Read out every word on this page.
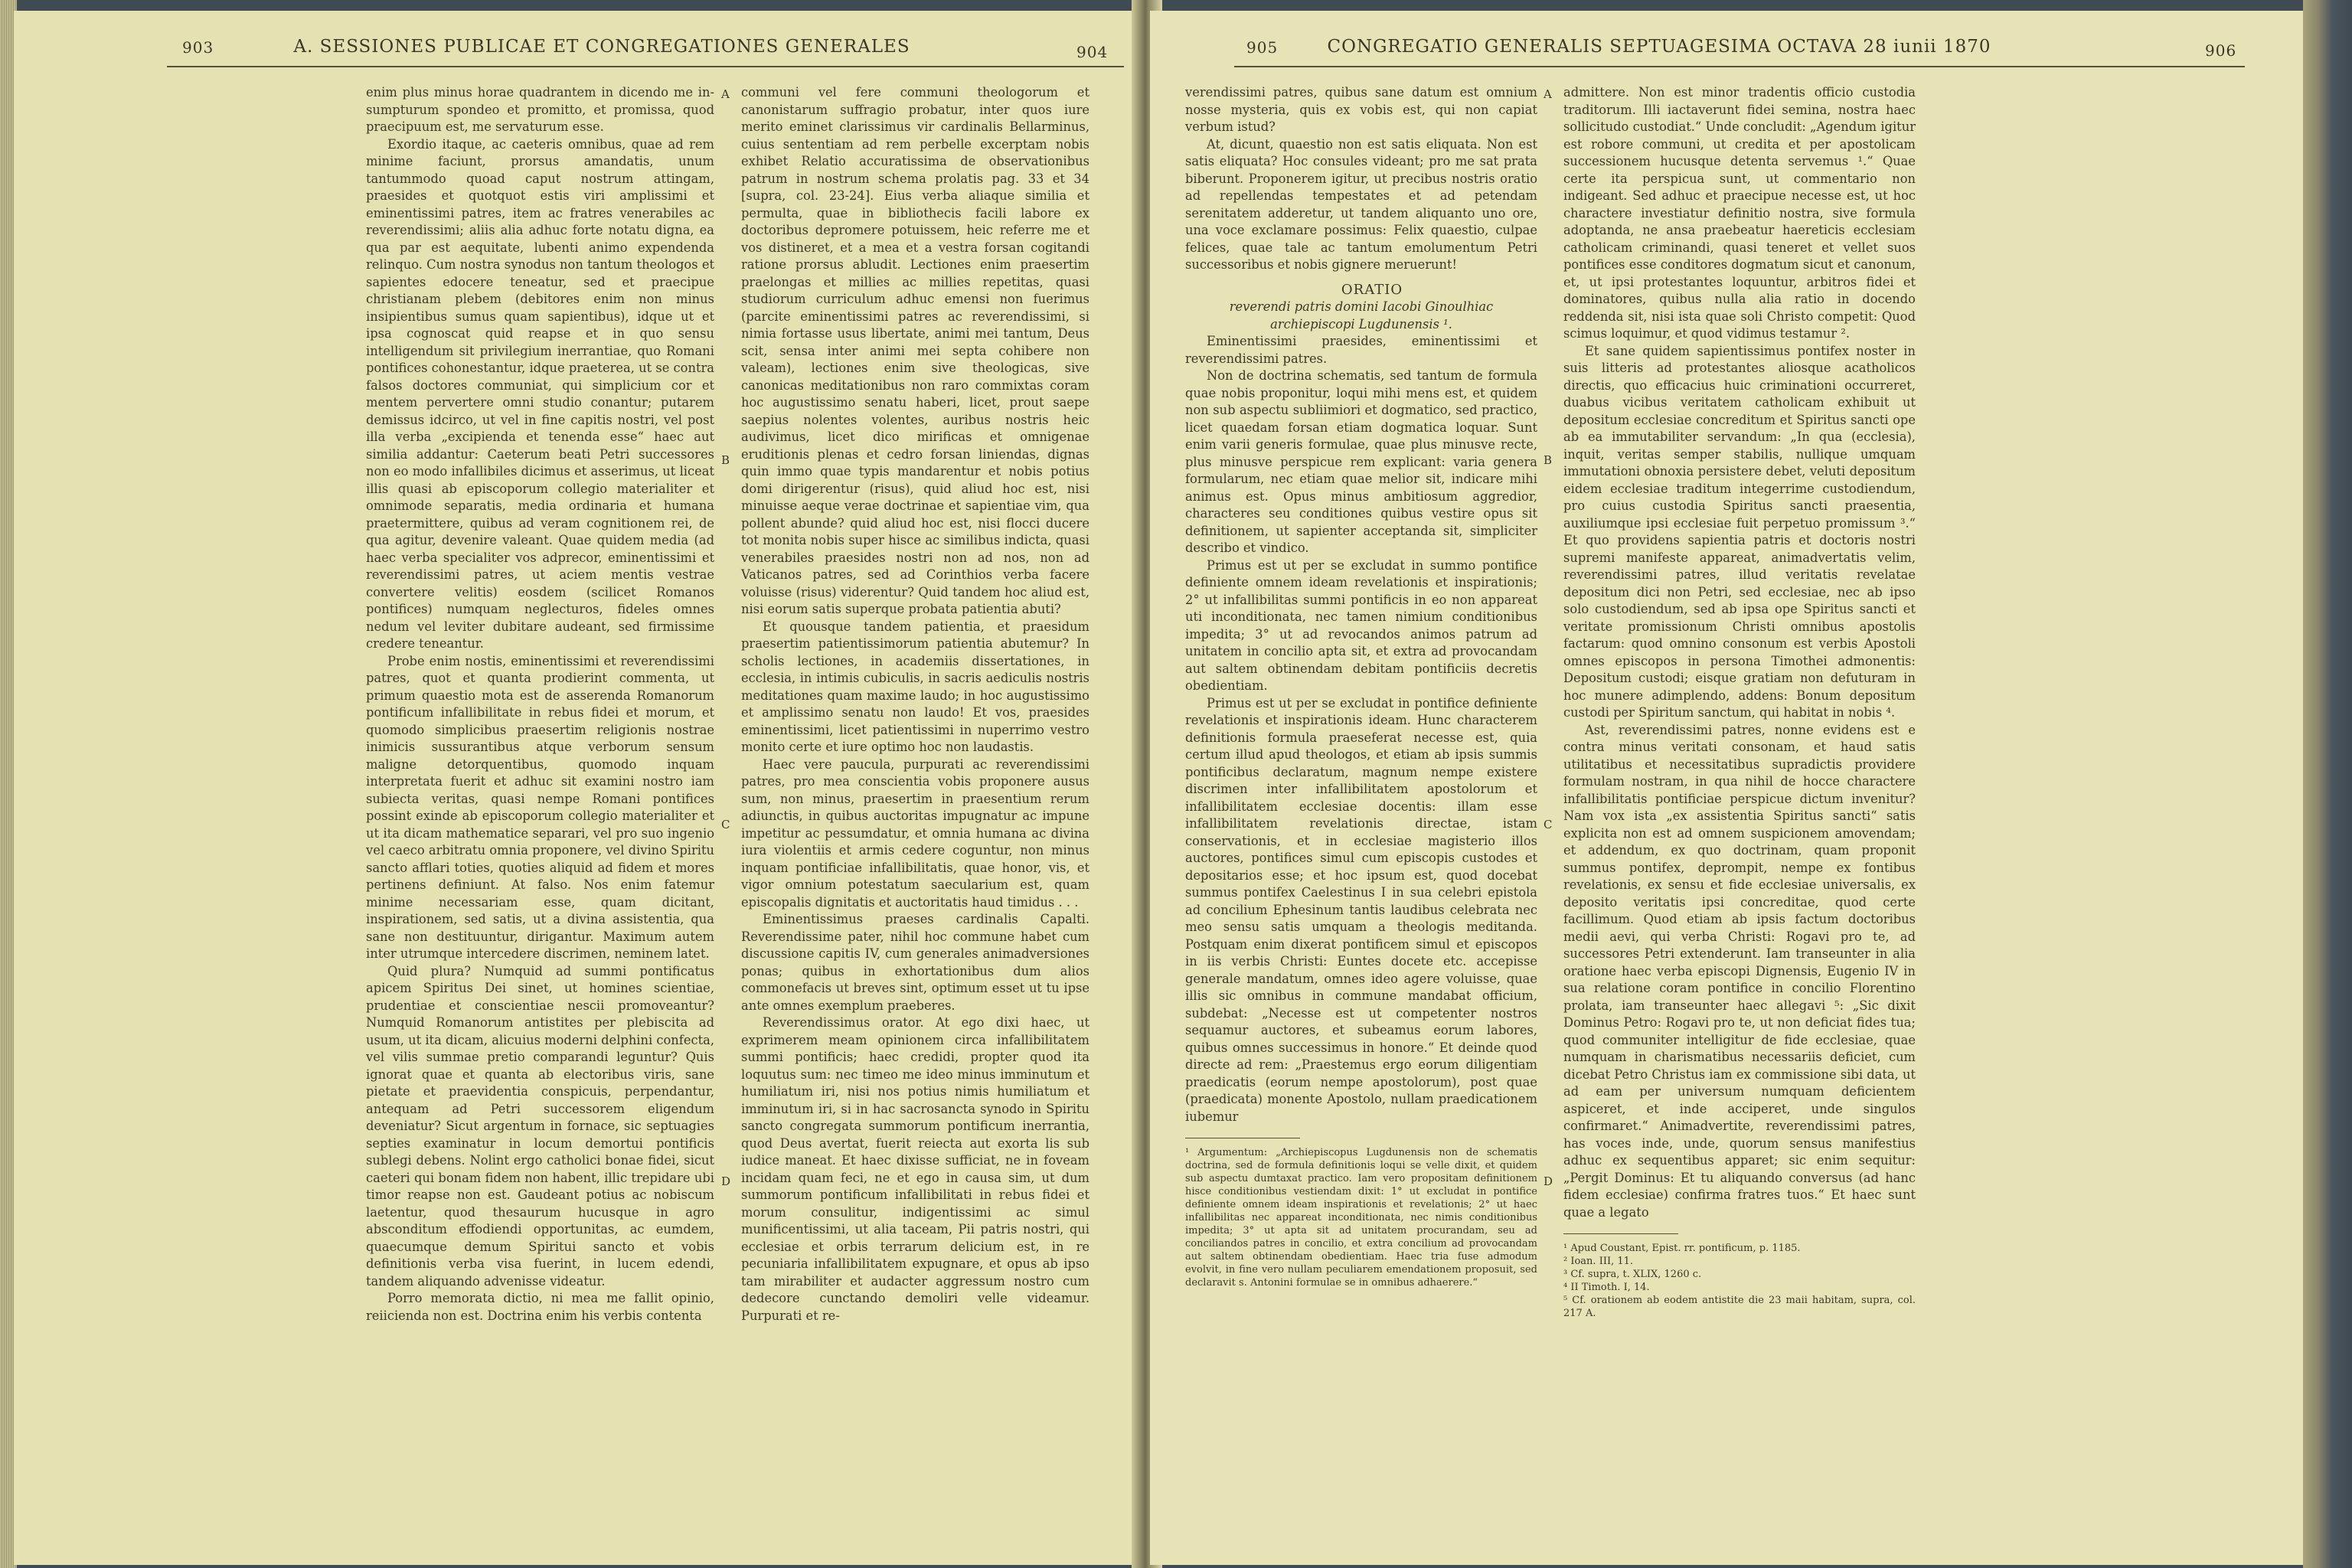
903	A. SESSIONES PUBLICAE ET CONGREGATIONES GENERALES	904

enim plus minus horae quadrantem in dicendo me in-sumpturum spondeo et promitto, et promissa, quod praecipuum est, me servaturum esse.

Exordio itaque, ac caeteris omnibus, quae ad rem minime faciunt, prorsus amandatis, unum tantummodo quoad caput nostrum attingam, praesides et quotquot estis viri amplissimi et eminentissimi patres, item ac fratres venerabiles ac reverendissimi; aliis alia adhuc forte notatu digna, ea qua par est aequitate, lubenti animo expendenda relinquo. Cum nostra synodus non tantum theologos et sapientes edocere teneatur, sed et praecipue christianam plebem (debitores enim non minus insipientibus sumus quam sapientibus), idque ut et ipsa cognoscat quid reapse et in quo sensu intelligendum sit privilegium inerrantiae, quo Romani pontifices cohonestantur, idque praeterea, ut se contra falsos doctores communiat, qui simplicium cor et mentem pervertere omni studio conantur; putarem demissus idcirco, ut vel in fine capitis nostri, vel post illa verba „excipienda et tenenda esse“ haec aut similia addantur: Caeterum beati Petri successores non eo modo infallibiles dicimus et asserimus, ut liceat illis quasi ab episcoporum collegio materialiter et omnimode separatis, media ordinaria et humana praetermittere, quibus ad veram cognitionem rei, de qua agitur, devenire valeant. Quae quidem media (ad haec verba specialiter vos adprecor, eminentissimi et reverendissimi patres, ut aciem mentis vestrae convertere velitis) eosdem (scilicet Romanos pontifices) numquam neglecturos, fideles omnes nedum vel leviter dubitare audeant, sed firmissime credere teneantur.

Probe enim nostis, eminentissimi et reverendissimi patres, quot et quanta prodierint commenta, ut primum quaestio mota est de asserenda Romanorum pontificum infallibilitate in rebus fidei et morum, et quomodo simplicibus praesertim religionis nostrae inimicis sussurantibus atque verborum sensum maligne detorquentibus, quomodo inquam interpretata fuerit et adhuc sit examini nostro iam subiecta veritas, quasi nempe Romani pontifices possint exinde ab episcoporum collegio materialiter et ut ita dicam mathematice separari, vel pro suo ingenio vel caeco arbitratu omnia proponere, vel divino Spiritu sancto afflari toties, quoties aliquid ad fidem et mores pertinens definiunt. At falso. Nos enim fatemur minime necessariam esse, quam dicitant, inspirationem, sed satis, ut a divina assistentia, qua sane non destituuntur, dirigantur. Maximum autem inter utrumque intercedere discrimen, neminem latet.

Quid plura? Numquid ad summi pontificatus apicem Spiritus Dei sinet, ut homines scientiae, prudentiae et conscientiae nescii promoveantur? Numquid Romanorum antistites per plebiscita ad usum, ut ita dicam, alicuius moderni delphini confecta, vel vilis summae pretio comparandi leguntur? Quis ignorat quae et quanta ab electoribus viris, sane pietate et praevidentia conspicuis, perpendantur, antequam ad Petri successorem eligendum deveniatur? Sicut argentum in fornace, sic septuagies septies examinatur in locum demortui pontificis sublegi debens. Nolint ergo catholici bonae fidei, sicut caeteri qui bonam fidem non habent, illic trepidare ubi timor reapse non est. Gaudeant potius ac nobiscum laetentur, quod thesaurum hucusque in agro absconditum effodiendi opportunitas, ac eumdem, quaecumque demum Spiritui sancto et vobis definitionis verba visa fuerint, in lucem edendi, tandem aliquando advenisse videatur.

Porro memorata dictio, ni mea me fallit opinio, reiicienda non est. Doctrina enim his verbis contenta

communi vel fere communi theologorum et canonistarum suffragio probatur, inter quos iure merito eminet clarissimus vir cardinalis Bellarminus, cuius sententiam ad rem perbelle excerptam nobis exhibet Relatio accuratissima de observationibus patrum in nostrum schema prolatis pag. 33 et 34 [supra, col. 23-24]. Eius verba aliaque similia et permulta, quae in bibliothecis facili labore ex doctoribus depromere potuissem, heic referre me et vos distineret, et a mea et a vestra forsan cogitandi ratione prorsus abludit. Lectiones enim praesertim praelongas et millies ac millies repetitas, quasi studiorum curriculum adhuc emensi non fuerimus (parcite eminentissimi patres ac reverendissimi, si nimia fortasse usus libertate, animi mei tantum, Deus scit, sensa inter animi mei septa cohibere non valeam), lectiones enim sive theologicas, sive canonicas meditationibus non raro commixtas coram hoc augustissimo senatu haberi, licet, prout saepe saepius nolentes volentes, auribus nostris heic audivimus, licet dico mirificas et omnigenae eruditionis plenas et cedro forsan liniendas, dignas quin immo quae typis mandarentur et nobis potius domi dirigerentur (risus), quid aliud hoc est, nisi minuisse aeque verae doctrinae et sapientiae vim, qua pollent abunde? quid aliud hoc est, nisi flocci ducere tot monita nobis super hisce ac similibus indicta, quasi venerabiles praesides nostri non ad nos, non ad Vaticanos patres, sed ad Corinthios verba facere voluisse (risus) viderentur? Quid tandem hoc aliud est, nisi eorum satis superque probata patientia abuti?

Et quousque tandem patientia, et praesidum praesertim patientissimorum patientia abutemur? In scholis lectiones, in academiis dissertationes, in ecclesia, in intimis cubiculis, in sacris aediculis nostris meditationes quam maxime laudo; in hoc augustissimo et amplissimo senatu non laudo! Et vos, praesides eminentissimi, licet patientissimi in nuperrimo vestro monito certe et iure optimo hoc non laudastis.

Haec vere paucula, purpurati ac reverendissimi patres, pro mea conscientia vobis proponere ausus sum, non minus, praesertim in praesentium rerum adiunctis, in quibus auctoritas impugnatur ac impune impetitur ac pessumdatur, et omnia humana ac divina iura violentiis et armis cedere coguntur, non minus inquam pontificiae infallibilitatis, quae honor, vis, et vigor omnium potestatum saecularium est, quam episcopalis dignitatis et auctoritatis haud timidus . . .

Eminentissimus praeses cardinalis Capalti. Reverendissime pater, nihil hoc commune habet cum discussione capitis IV, cum generales animadversiones ponas; quibus in exhortationibus dum alios commonefacis ut breves sint, optimum esset ut tu ipse ante omnes exemplum praeberes.

Reverendissimus orator. At ego dixi haec, ut exprimerem meam opinionem circa infallibilitatem summi pontificis; haec credidi, propter quod ita loquutus sum: nec timeo me ideo minus imminutum et humiliatum iri, nisi nos potius nimis humiliatum et imminutum iri, si in hac sacrosancta synodo in Spiritu sancto congregata summorum pontificum inerrantia, quod Deus avertat, fuerit reiecta aut exorta lis sub iudice maneat. Et haec dixisse sufficiat, ne in foveam incidam quam feci, ne et ego in causa sim, ut dum summorum pontificum infallibilitati in rebus fidei et morum consulitur, indigentissimi ac simul munificentissimi, ut alia taceam, Pii patris nostri, qui ecclesiae et orbis terrarum delicium est, in re pecuniaria infallibilitatem expugnare, et opus ab ipso tam mirabiliter et audacter aggressum nostro cum dedecore cunctando demoliri velle videamur. Purpurati et re-

A
B
C
D
905	CONGREGATIO GENERALIS SEPTUAGESIMA OCTAVA 28 iunii 1870	906

verendissimi patres, quibus sane datum est omnium nosse mysteria, quis ex vobis est, qui non capiat verbum istud?

At, dicunt, quaestio non est satis eliquata. Non est satis eliquata? Hoc consules videant; pro me sat prata biberunt. Proponerem igitur, ut precibus nostris oratio ad repellendas tempestates et ad petendam serenitatem adderetur, ut tandem aliquanto uno ore, una voce exclamare possimus: Felix quaestio, culpae felices, quae tale ac tantum emolumentum Petri successoribus et nobis gignere meruerunt!

ORATIO

reverendi patris domini Iacobi Ginoulhiac archiepiscopi Lugdunensis ¹.

Eminentissimi praesides, eminentissimi et reverendissimi patres.

Non de doctrina schematis, sed tantum de formula quae nobis proponitur, loqui mihi mens est, et quidem non sub aspectu subliimiori et dogmatico, sed practico, licet quaedam forsan etiam dogmatica loquar. Sunt enim varii generis formulae, quae plus minusve recte, plus minusve perspicue rem explicant: varia genera formularum, nec etiam quae melior sit, indicare mihi animus est. Opus minus ambitiosum aggredior, characteres seu conditiones quibus vestire opus sit definitionem, ut sapienter acceptanda sit, simpliciter describo et vindico.

Primus est ut per se excludat in summo pontifice definiente omnem ideam revelationis et inspirationis; 2° ut infallibilitas summi pontificis in eo non appareat uti inconditionata, nec tamen nimium conditionibus impedita; 3° ut ad revocandos animos patrum ad unitatem in concilio apta sit, et extra ad provocandam aut saltem obtinendam debitam pontificiis decretis obedientiam.

Primus est ut per se excludat in pontifice definiente revelationis et inspirationis ideam. Hunc characterem definitionis formula praeseferat necesse est, quia certum illud apud theologos, et etiam ab ipsis summis pontificibus declaratum, magnum nempe existere discrimen inter infallibilitatem apostolorum et infallibilitatem ecclesiae docentis: illam esse infallibilitatem revelationis directae, istam conservationis, et in ecclesiae magisterio illos auctores, pontifices simul cum episcopis custodes et depositarios esse; et hoc ipsum est, quod docebat summus pontifex Caelestinus I in sua celebri epistola ad concilium Ephesinum tantis laudibus celebrata nec meo sensu satis umquam a theologis meditanda. Postquam enim dixerat pontificem simul et episcopos in iis verbis Christi: Euntes docete etc. accepisse generale mandatum, omnes ideo agere voluisse, quae illis sic omnibus in commune mandabat officium, subdebat: „Necesse est ut competenter nostros sequamur auctores, et subeamus eorum labores, quibus omnes successimus in honore.“ Et deinde quod directe ad rem: „Praestemus ergo eorum diligentiam praedicatis (eorum nempe apostolorum), post quae (praedicata) monente Apostolo, nullam praedicationem iubemur

¹ Argumentum: „Archiepiscopus Lugdunensis non de schematis doctrina, sed de formula definitionis loqui se velle dixit, et quidem sub aspectu dumtaxat practico. Iam vero propositam definitionem hisce conditionibus vestiendam dixit: 1° ut excludat in pontifice definiente omnem ideam inspirationis et revelationis; 2° ut haec infallibilitas nec appareat inconditionata, nec nimis conditionibus impedita; 3° ut apta sit ad unitatem procurandam, seu ad conciliandos patres in concilio, et extra concilium ad provocandam aut saltem obtinendam obedientiam. Haec tria fuse admodum evolvit, in fine vero nullam peculiarem emendationem proposuit, sed declaravit s. Antonini formulae se in omnibus adhaerere.“

admittere. Non est minor tradentis officio custodia traditorum. Illi iactaverunt fidei semina, nostra haec sollicitudo custodiat.“ Unde concludit: „Agendum igitur est robore communi, ut credita et per apostolicam successionem hucusque detenta servemus ¹.“ Quae certe ita perspicua sunt, ut commentario non indigeant. Sed adhuc et praecipue necesse est, ut hoc charactere investiatur definitio nostra, sive formula adoptanda, ne ansa praebeatur haereticis ecclesiam catholicam criminandi, quasi teneret et vellet suos pontifices esse conditores dogmatum sicut et canonum, et, ut ipsi protestantes loquuntur, arbitros fidei et dominatores, quibus nulla alia ratio in docendo reddenda sit, nisi ista quae soli Christo competit: Quod scimus loquimur, et quod vidimus testamur ².

Et sane quidem sapientissimus pontifex noster in suis litteris ad protestantes aliosque acatholicos directis, quo efficacius huic criminationi occurreret, duabus vicibus veritatem catholicam exhibuit ut depositum ecclesiae concreditum et Spiritus sancti ope ab ea immutabiliter servandum: „In qua (ecclesia), inquit, veritas semper stabilis, nullique umquam immutationi obnoxia persistere debet, veluti depositum eidem ecclesiae traditum integerrime custodiendum, pro cuius custodia Spiritus sancti praesentia, auxiliumque ipsi ecclesiae fuit perpetuo promissum ³.“ Et quo providens sapientia patris et doctoris nostri supremi manifeste appareat, animadvertatis velim, reverendissimi patres, illud veritatis revelatae depositum dici non Petri, sed ecclesiae, nec ab ipso solo custodiendum, sed ab ipsa ope Spiritus sancti et veritate promissionum Christi omnibus apostolis factarum: quod omnino consonum est verbis Apostoli omnes episcopos in persona Timothei admonentis: Depositum custodi; eisque gratiam non defuturam in hoc munere adimplendo, addens: Bonum depositum custodi per Spiritum sanctum, qui habitat in nobis ⁴.

Ast, reverendissimi patres, nonne evidens est e contra minus veritati consonam, et haud satis utilitatibus et necessitatibus supradictis providere formulam nostram, in qua nihil de hocce charactere infallibilitatis pontificiae perspicue dictum invenitur? Nam vox ista „ex assistentia Spiritus sancti“ satis explicita non est ad omnem suspicionem amovendam; et addendum, ex quo doctrinam, quam proponit summus pontifex, deprompit, nempe ex fontibus revelationis, ex sensu et fide ecclesiae universalis, ex deposito veritatis ipsi concreditae, quod certe facillimum. Quod etiam ab ipsis factum doctoribus medii aevi, qui verba Christi: Rogavi pro te, ad successores Petri extenderunt. Iam transeunter in alia oratione haec verba episcopi Dignensis, Eugenio IV in sua relatione coram pontifice in concilio Florentino prolata, iam transeunter haec allegavi ⁵: „Sic dixit Dominus Petro: Rogavi pro te, ut non deficiat fides tua; quod communiter intelligitur de fide ecclesiae, quae numquam in charismatibus necessariis deficiet, cum dicebat Petro Christus iam ex commissione sibi data, ut ad eam per universum numquam deficientem aspiceret, et inde acciperet, unde singulos confirmaret.“ Animadvertite, reverendissimi patres, has voces inde, unde, quorum sensus manifestius adhuc ex sequentibus apparet; sic enim sequitur: „Pergit Dominus: Et tu aliquando conversus (ad hanc fidem ecclesiae) confirma fratres tuos.“ Et haec sunt quae a legato

¹ Apud Coustant, Epist. rr. pontificum, p. 1185.
² Ioan. III, 11.
³ Cf. supra, t. XLIX, 1260 c.
⁴ II Timoth. I, 14.
⁵ Cf. orationem ab eodem antistite die 23 maii habitam, supra, col. 217 A.
A
B
C
D
